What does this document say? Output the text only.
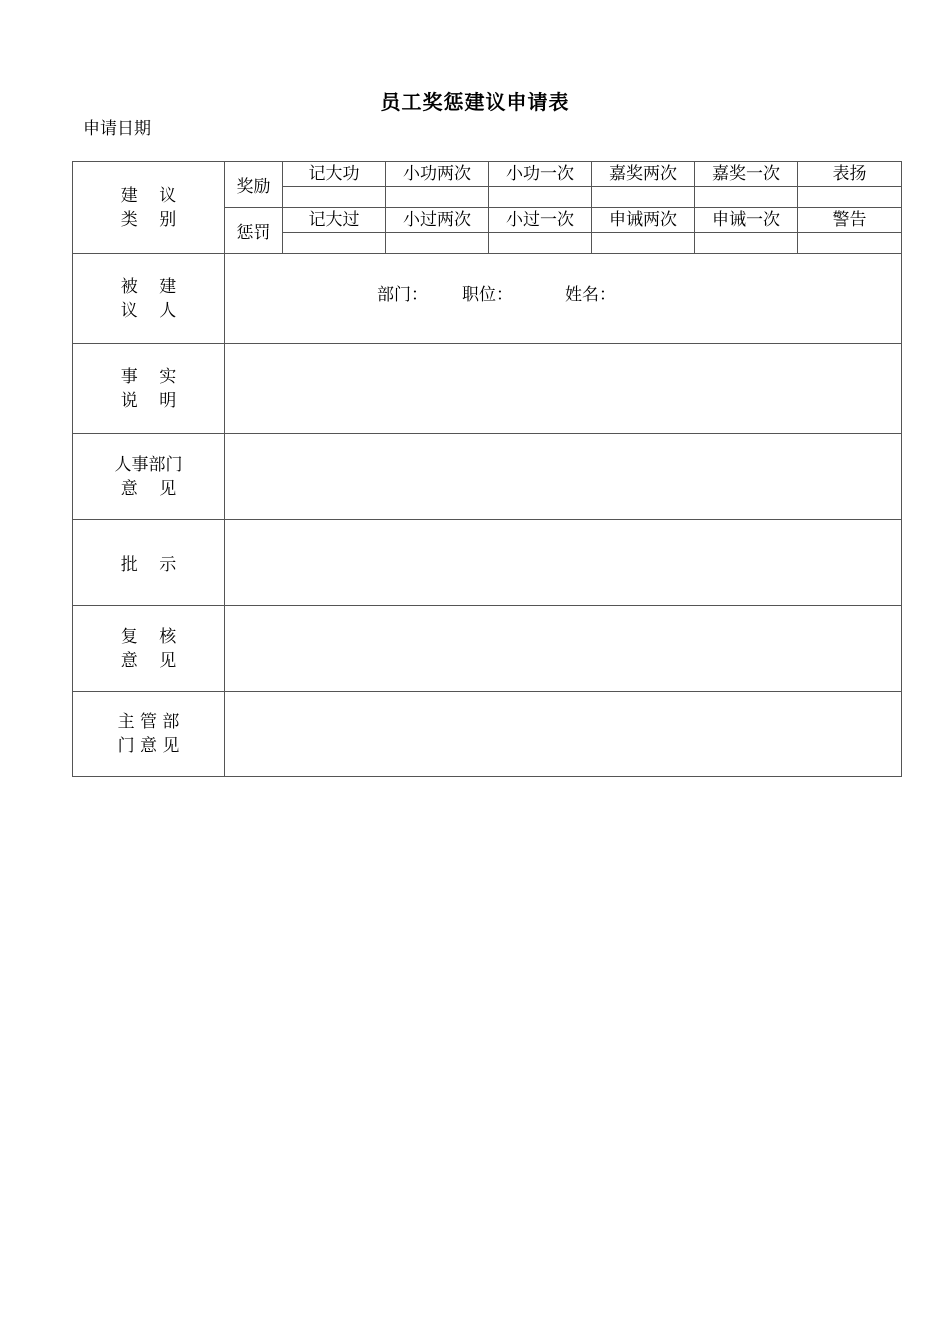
员工奖惩建议申请表
申请日期
建    议
类    别	奖励	记大功	小功两次	小功一次	嘉奖两次	嘉奖一次	表扬

	惩罚	记大过	小过两次	小过一次	申诫两次	申诫一次	警告

被    建
议    人	部门： 职位： 姓名：						

事    实
说    明							

人事部门
意    见							

批    示							

复    核
意    见							

主 管 部
门 意 见							
